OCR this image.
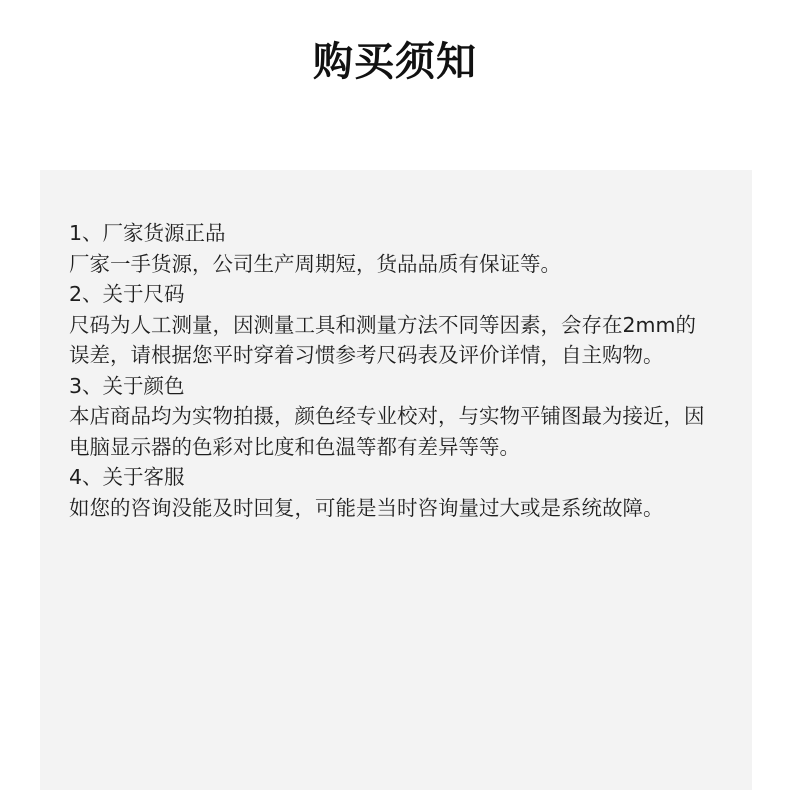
购买须知
1、厂家货源正品
厂家一手货源，公司生产周期短，货品品质有保证等。
2、关于尺码
尺码为人工测量，因测量工具和测量方法不同等因素，会存在2mm的误差，请根据您平时穿着习惯参考尺码表及评价详情，自主购物。
3、关于颜色
本店商品均为实物拍摄，颜色经专业校对，与实物平铺图最为接近，因电脑显示器的色彩对比度和色温等都有差异等等。
4、关于客服
如您的咨询没能及时回复，可能是当时咨询量过大或是系统故障。
